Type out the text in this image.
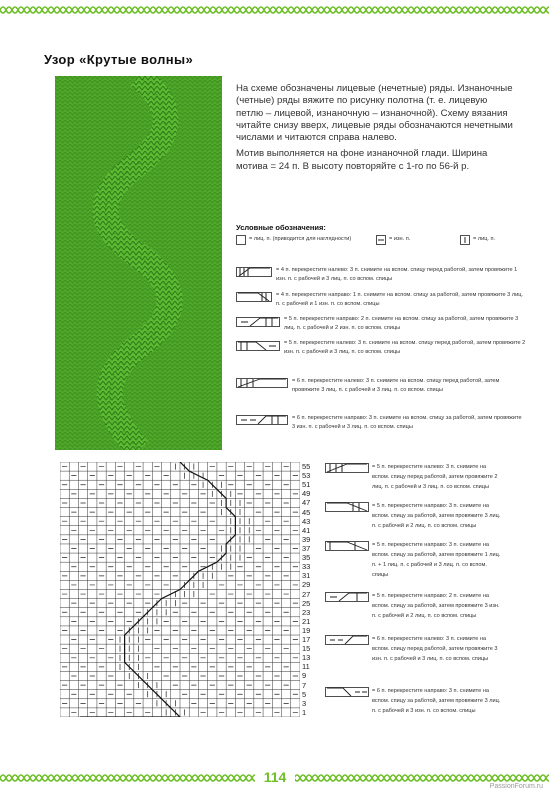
Узор «Крутые волны»

На схеме обозначены лицевые (нечетные) ряды. Изнаночные (четные) ряды вяжите по рисунку полотна (т. е. лицевую петлю – лицевой, изнаночную – изнаночной). Схему вязания читайте снизу вверх, лицевые ряды обозначаются нечетными числами и читаются справа налево.

Мотив выполняется на фоне изнаночной глади. Ширина мотива = 24 п. В высоту повторяйте с 1-го по 56-й р.

Условные обозначения:
= лиц. п. (приводится для наглядности)	= изн. п.	= лиц. п.
= 4 п. перекрестите налево: 3 п. снимите на вспом. спицу перед работой, затем провяжите 1 изн. п. с рабочей и 3 лиц. п. со вспом. спицы
= 4 п. перекрестите направо: 1 п. снимите на вспом. спицу за работой, затем провяжите 3 лиц. п. с рабочей и 1 изн. п. со вспом. спицы
= 5 п. перекрестите направо: 2 п. снимите на вспом. спицу за работой, затем провяжите 3 лиц. п. с рабочей и 2 изн. п. со вспом. спицы
= 5 п. перекрестите налево: 3 п. снимите на вспом. спицу перед работой, затем провяжите 2 изн. п. с рабочей и 3 лиц. п. со вспом. спицы
= 6 п. перекрестите налево: 3 п. снимите на вспом. спицу перед работой, затем провяжите 3 лиц. п. с рабочей и 3 лиц. п. со вспом. спицы
= 6 п. перекрестите направо: 3 п. снимите на вспом. спицу за работой, затем провяжите 3 изн. п. с рабочей и 3 лиц. п. со вспом. спицы
55
53
51
49
47
45
43
41
39
37
35
33
31
29
27
25
23
21
19
17
15
13
11
9
7
5
3
1
= 5 п. перекрестите налево: 3 п. снимите на вспом. спицу перед работой, затем провяжите 2 лиц. п. с рабочей и 3 лиц. п. со вспом. спицы
= 5 п. перекрестите направо: 3 п. снимите на вспом. спицу за работой, затем провяжите 3 лиц. п. с рабочей и 2 лиц. п. со вспом. спицы
= 5 п. перекрестите направо: 3 п. снимите на вспом. спицу за работой, затем провяжите 1 лиц. п. + 1 лиц. п. с рабочей и 3 лиц. п. со вспом. спицы
= 5 п. перекрестите направо: 2 п. снимите на вспом. спицу за работой, затем провяжите 3 изн. п. с рабочей и 2 лиц. п. со вспом. спицы
= 6 п. перекрестите налево: 3 п. снимите на вспом. спицу перед работой, затем провяжите 3 изн. п. с рабочей и 3 лиц. п. со вспом. спицы
= 6 п. перекрестите направо: 3 п. снимите на вспом. спицу за работой, затем провяжите 3 лиц. п. с рабочей и 3 изн. п. со вспом. спицы
114
PassionForum.ru
